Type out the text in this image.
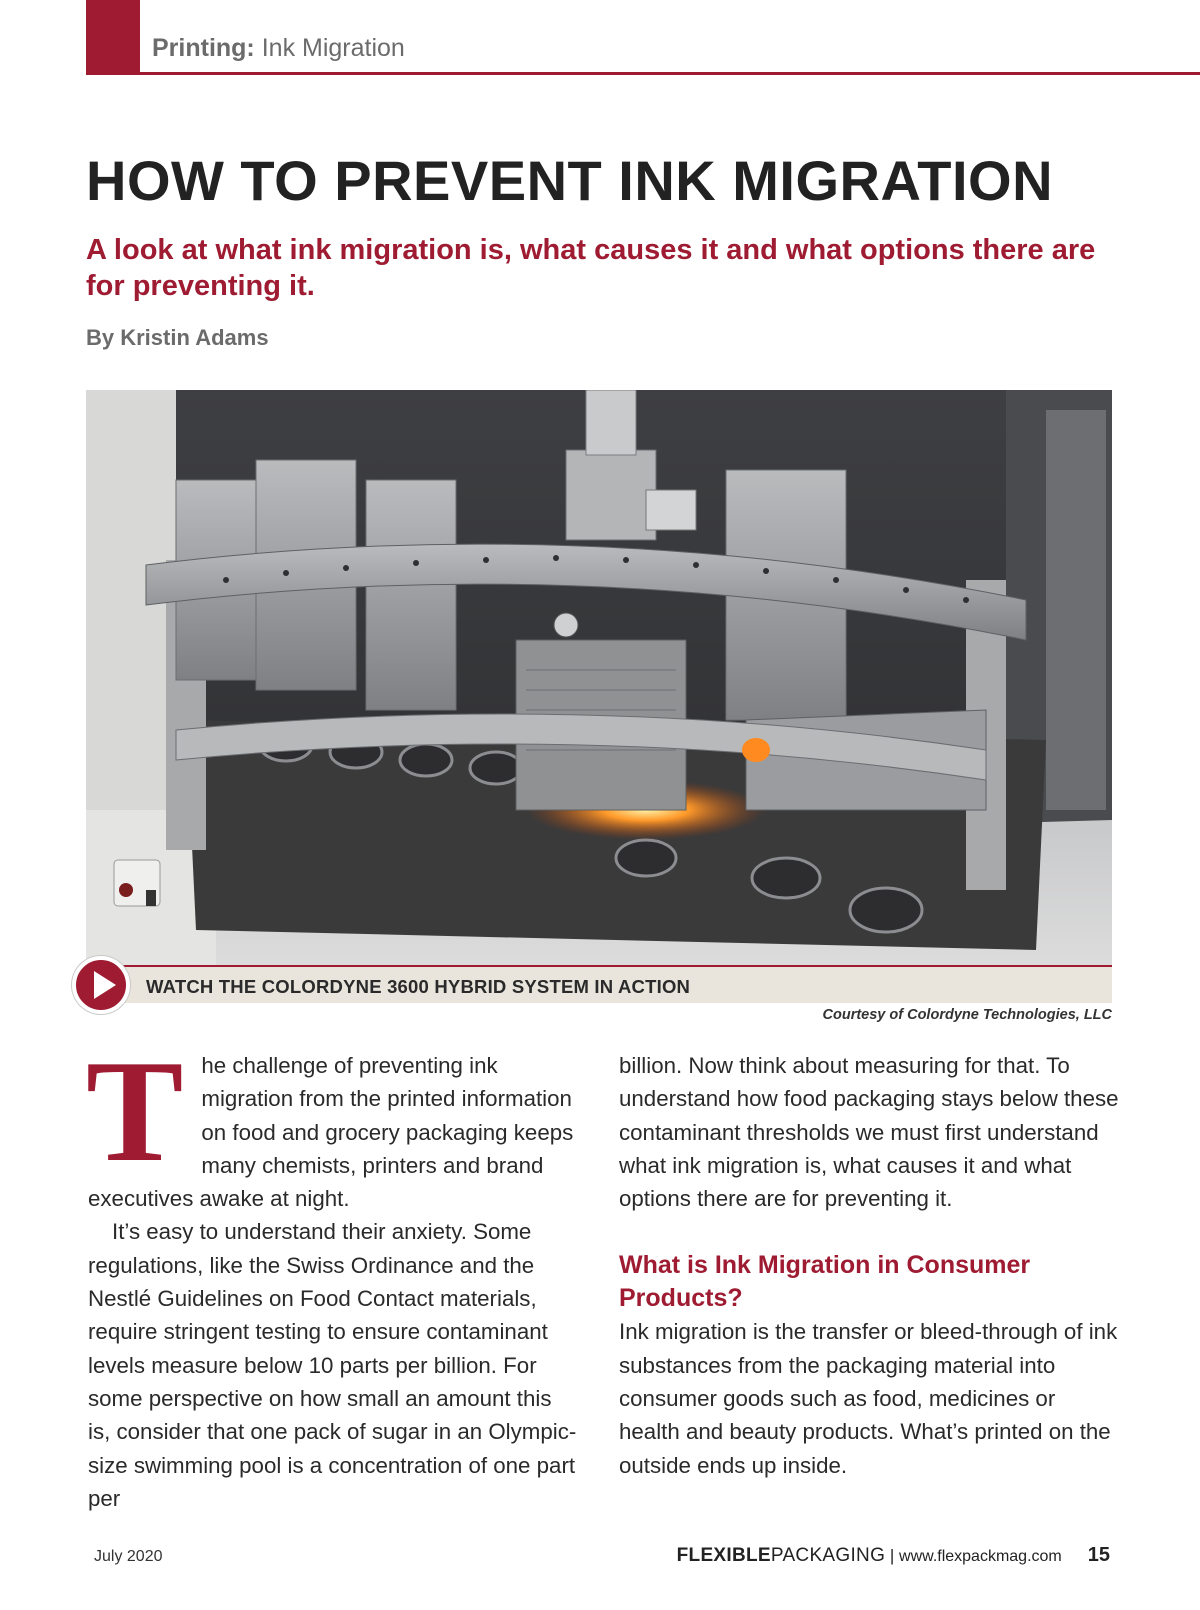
Printing: Ink Migration
HOW TO PREVENT INK MIGRATION
A look at what ink migration is, what causes it and what options there are for preventing it.
By Kristin Adams
WATCH THE COLORDYNE 3600 HYBRID SYSTEM IN ACTION
Courtesy of Colordyne Technologies, LLC

The challenge of preventing ink migration from the printed information on food and grocery packaging keeps many chemists, printers and brand executives awake at night.

It’s easy to understand their anxiety. Some regulations, like the Swiss Ordinance and the Nestlé Guidelines on Food Contact materials, require stringent testing to ensure contaminant levels measure below 10 parts per billion. For some perspective on how small an amount this is, consider that one pack of sugar in an Olympic-size swimming pool is a concentration of one part per

billion. Now think about measuring for that. To understand how food packaging stays below these contaminant thresholds we must first understand what ink migration is, what causes it and what options there are for preventing it.

What is Ink Migration in Consumer Products?

Ink migration is the transfer or bleed-through of ink substances from the packaging material into consumer goods such as food, medicines or health and beauty products. What’s printed on the outside ends up inside.

July 2020	FLEXIBLEPACKAGING | www.flexpackmag.com 15
